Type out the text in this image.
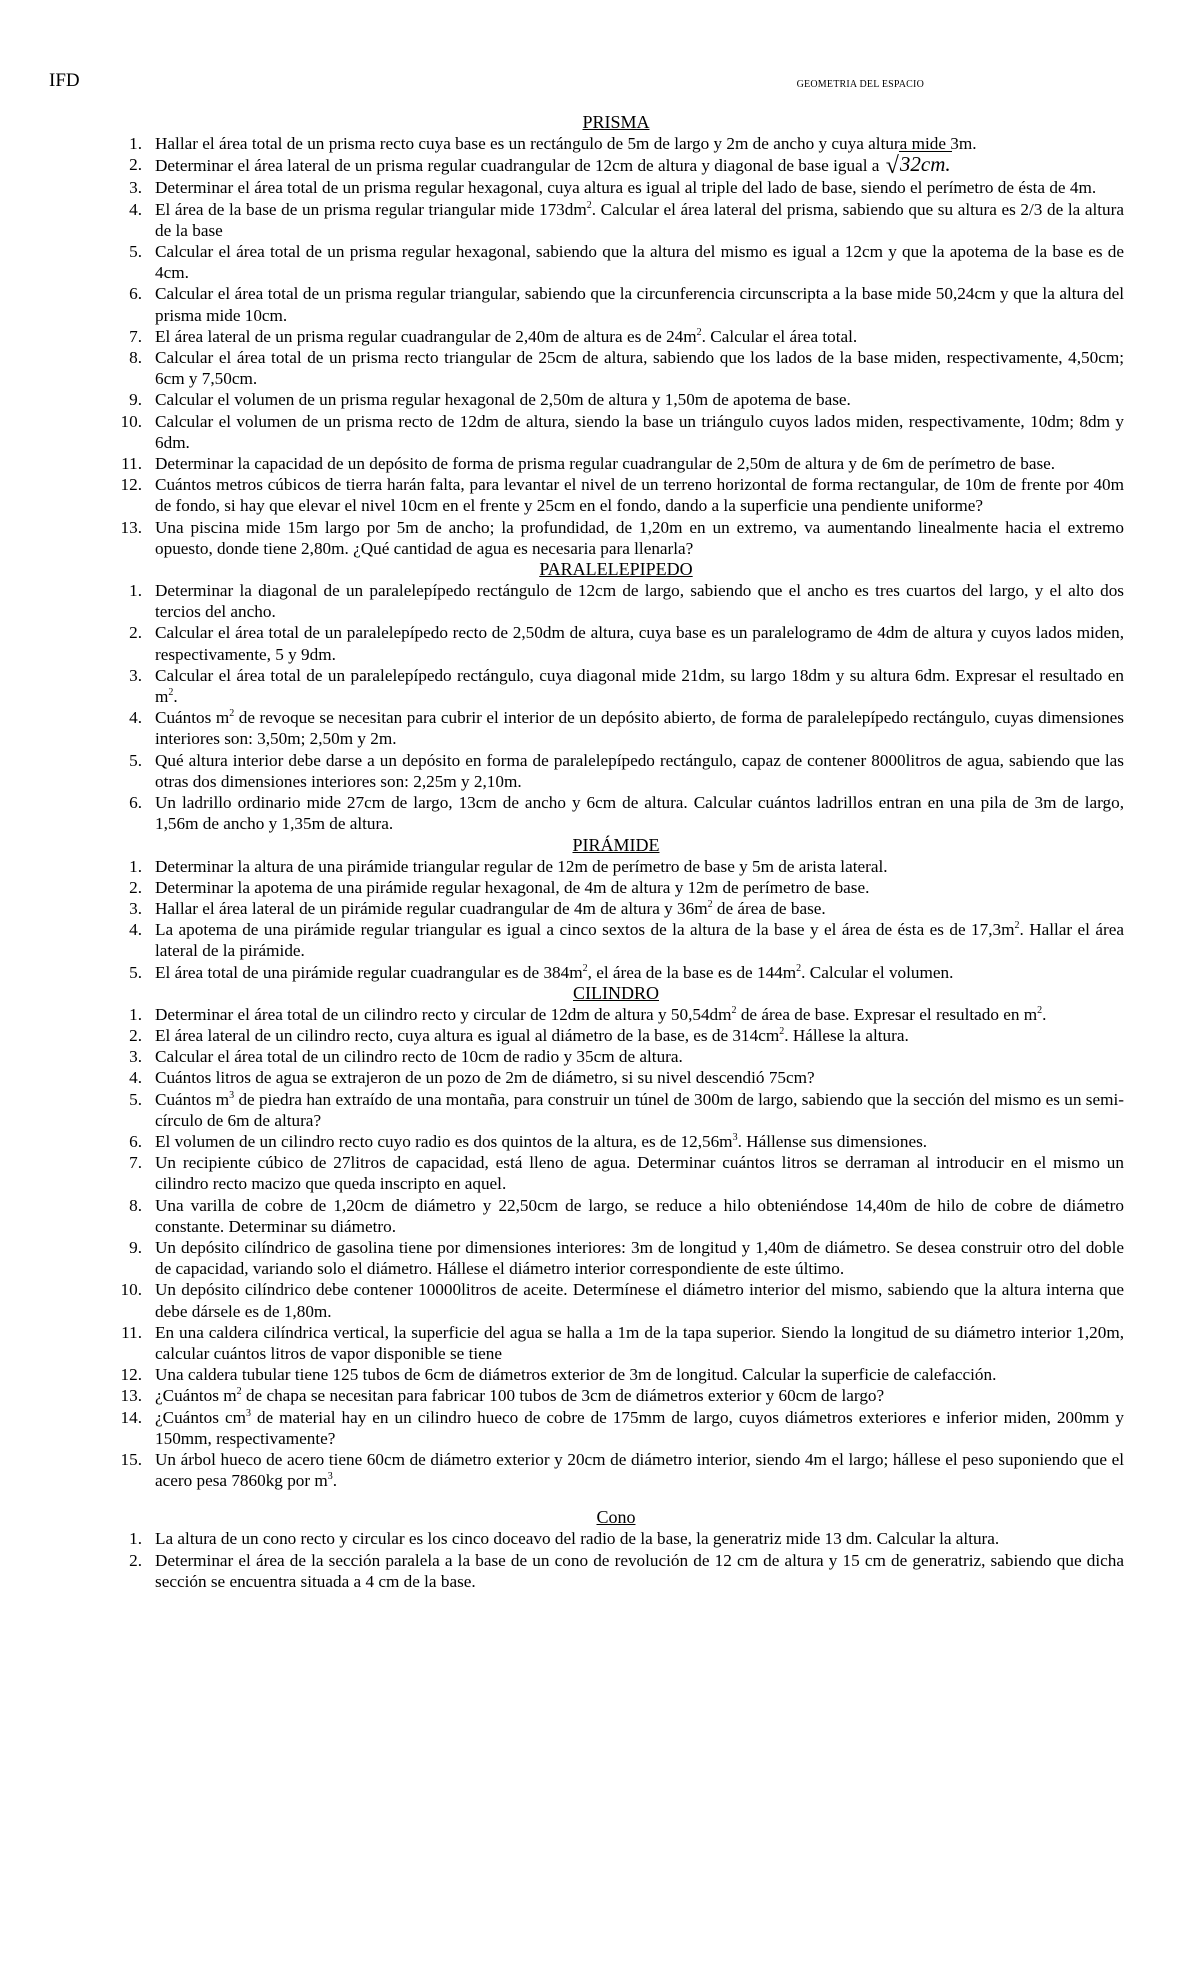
IFD	GEOMETRIA DEL ESPACIO
PRISMA
1. Hallar el área total de un prisma recto cuya base es un rectángulo de 5m de largo y 2m de ancho y cuya altura mide 3m.
2. Determinar el área lateral de un prisma regular cuadrangular de 12cm de altura y diagonal de base igual a √32cm.
3. Determinar el área total de un prisma regular hexagonal, cuya altura es igual al triple del lado de base, siendo el perímetro de ésta de 4m.
4. El área de la base de un prisma regular triangular mide $173dm^2$. Calcular el área lateral del prisma, sabiendo que su altura es 2/3 de la altura de la base
5. Calcular el área total de un prisma regular hexagonal, sabiendo que la altura del mismo es igual a 12cm y que la apotema de la base es de 4cm.
6. Calcular el área total de un prisma regular triangular, sabiendo que la circunferencia circunscripta a la base mide 50,24cm y que la altura del prisma mide 10cm.
7. El área lateral de un prisma regular cuadrangular de 2,40m de altura es de $24m^2$. Calcular el área total.
8. Calcular el área total de un prisma recto triangular de 25cm de altura, sabiendo que los lados de la base miden, respectivamente, 4,50cm; 6cm y 7,50cm.
9. Calcular el volumen de un prisma regular hexagonal de 2,50m de altura y 1,50m de apotema de base.
10. Calcular el volumen de un prisma recto de 12dm de altura, siendo la base un triángulo cuyos lados miden, respectivamente, 10dm; 8dm y 6dm.
11. Determinar la capacidad de un depósito de forma de prisma regular cuadrangular de 2,50m de altura y de 6m de perímetro de base.
12. Cuántos metros cúbicos de tierra harán falta, para levantar el nivel de un terreno horizontal de forma rectangular, de 10m de frente por 40m de fondo, si hay que elevar el nivel 10cm en el frente y 25cm en el fondo, dando a la superficie una pendiente uniforme?
13. Una piscina mide 15m largo por 5m de ancho; la profundidad, de 1,20m en un extremo, va aumentando linealmente hacia el extremo opuesto, donde tiene 2,80m. ¿Qué cantidad de agua es necesaria para llenarla?
PARALELEPIPEDO
1. Determinar la diagonal de un paralelepípedo rectángulo de 12cm de largo, sabiendo que el ancho es tres cuartos del largo, y el alto dos tercios del ancho.
2. Calcular el área total de un paralelepípedo recto de 2,50dm de altura, cuya base es un paralelogramo de 4dm de altura y cuyos lados miden, respectivamente, 5 y 9dm.
3. Calcular el área total de un paralelepípedo rectángulo, cuya diagonal mide 21dm, su largo 18dm y su altura 6dm. Expresar el resultado en $m^2$.
4. Cuántos $m^2$ de revoque se necesitan para cubrir el interior de un depósito abierto, de forma de paralelepípedo rectángulo, cuyas dimensiones interiores son: 3,50m; 2,50m y 2m.
5. Qué altura interior debe darse a un depósito en forma de paralelepípedo rectángulo, capaz de contener 8000litros de agua, sabiendo que las otras dos dimensiones interiores son: 2,25m y 2,10m.
6. Un ladrillo ordinario mide 27cm de largo, 13cm de ancho y 6cm de altura. Calcular cuántos ladrillos entran en una pila de 3m de largo, 1,56m de ancho y 1,35m de altura.
PIRÁMIDE
1. Determinar la altura de una pirámide triangular regular de 12m de perímetro de base y 5m de arista lateral.
2. Determinar la apotema de una pirámide regular hexagonal, de 4m de altura y 12m de perímetro de base.
3. Hallar el área lateral de un pirámide regular cuadrangular de 4m de altura y $36m^2$ de área de base.
4. La apotema de una pirámide regular triangular es igual a cinco sextos de la altura de la base y el área de ésta es de $17,3m^2$. Hallar el área lateral de la pirámide.
5. El área total de una pirámide regular cuadrangular es de $384m^2$, el área de la base es de $144m^2$. Calcular el volumen.
CILINDRO
1. Determinar el área total de un cilindro recto y circular de 12dm de altura y $50,54dm^2$ de área de base. Expresar el resultado en $m^2$.
2. El área lateral de un cilindro recto, cuya altura es igual al diámetro de la base, es de $314cm^2$. Hállese la altura.
3. Calcular el área total de un cilindro recto de 10cm de radio y 35cm de altura.
4. Cuántos litros de agua se extrajeron de un pozo de 2m de diámetro, si su nivel descendió 75cm?
5. Cuántos $m^3$ de piedra han extraído de una montaña, para construir un túnel de 300m de largo, sabiendo que la sección del mismo es un semi-círculo de 6m de altura?
6. El volumen de un cilindro recto cuyo radio es dos quintos de la altura, es de $12,56m^3$. Hállense sus dimensiones.
7. Un recipiente cúbico de 27litros de capacidad, está lleno de agua. Determinar cuántos litros se derraman al introducir en el mismo un cilindro recto macizo que queda inscripto en aquel.
8. Una varilla de cobre de 1,20cm de diámetro y 22,50cm de largo, se reduce a hilo obteniéndose 14,40m de hilo de cobre de diámetro constante. Determinar su diámetro.
9. Un depósito cilíndrico de gasolina tiene por dimensiones interiores: 3m de longitud y 1,40m de diámetro. Se desea construir otro del doble de capacidad, variando solo el diámetro. Hállese el diámetro interior correspondiente de este último.
10. Un depósito cilíndrico debe contener 10000litros de aceite. Determínese el diámetro interior del mismo, sabiendo que la altura interna que debe dársele es de 1,80m.
11. En una caldera cilíndrica vertical, la superficie del agua se halla a 1m de la tapa superior. Siendo la longitud de su diámetro interior 1,20m, calcular cuántos litros de vapor disponible se tiene
12. Una caldera tubular tiene 125 tubos de 6cm de diámetros exterior de 3m de longitud. Calcular la superficie de calefacción.
13. ¿Cuántos $m^2$ de chapa se necesitan para fabricar 100 tubos de 3cm de diámetros exterior y 60cm de largo?
14. ¿Cuántos $cm^3$ de material hay en un cilindro hueco de cobre de 175mm de largo, cuyos diámetros exteriores e inferior miden, 200mm y 150mm, respectivamente?
15. Un árbol hueco de acero tiene 60cm de diámetro exterior y 20cm de diámetro interior, siendo 4m el largo; hállese el peso suponiendo que el acero pesa 7860kg por $m^3$.
Cono
1. La altura de un cono recto y circular es los cinco doceavo del radio de la base, la generatriz mide 13 dm. Calcular la altura.
2. Determinar el área de la sección paralela a la base de un cono de revolución de 12 cm de altura y 15 cm de generatriz, sabiendo que dicha sección se encuentra situada a 4 cm de la base.
